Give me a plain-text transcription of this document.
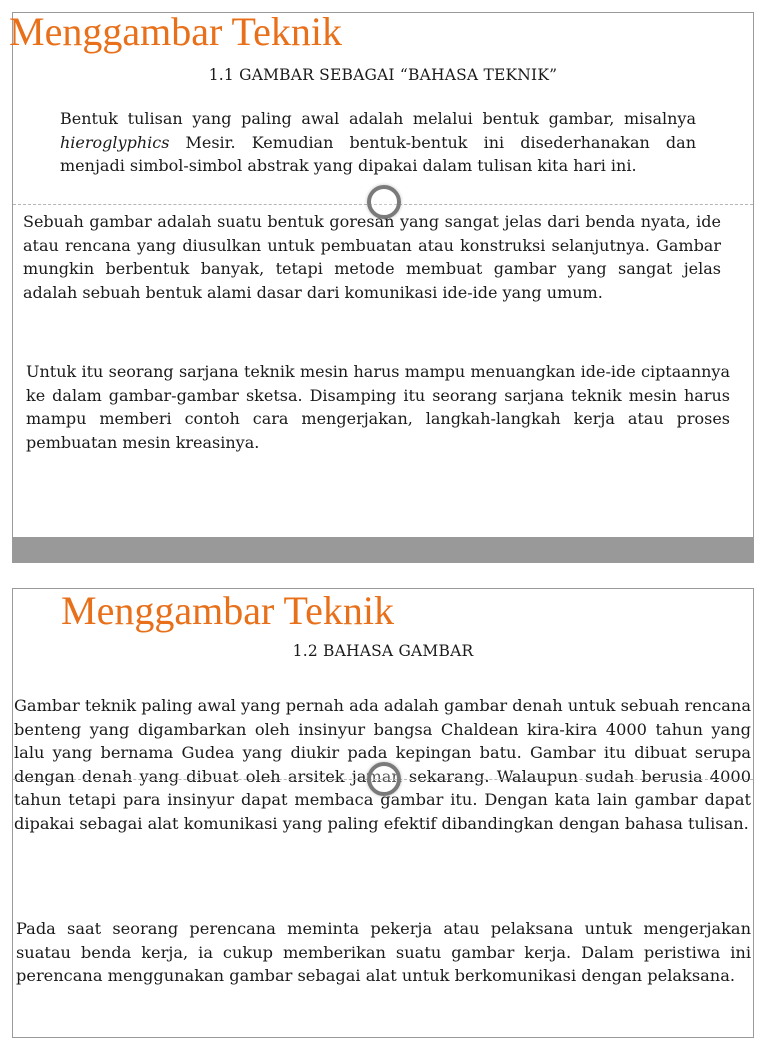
1.1 GAMBAR SEBAGAI “BAHASA TEKNIK”
Bentuk tulisan yang paling awal adalah melalui bentuk gambar, misalnya hieroglyphics Mesir. Kemudian bentuk-bentuk ini disederhanakan dan menjadi simbol-simbol abstrak yang dipakai dalam tulisan kita hari ini.
Sebuah gambar adalah suatu bentuk goresan yang sangat jelas dari benda nyata, ide atau rencana yang diusulkan untuk pembuatan atau konstruksi selanjutnya. Gambar mungkin berbentuk banyak, tetapi metode membuat gambar yang sangat jelas adalah sebuah bentuk alami dasar dari komunikasi ide-ide yang umum.
Untuk itu seorang sarjana teknik mesin harus mampu menuangkan ide-ide ciptaannya ke dalam gambar-gambar sketsa. Disamping itu seorang sarjana teknik mesin harus mampu memberi contoh cara mengerjakan, langkah-langkah kerja atau proses pembuatan mesin kreasinya.
Menggambar Teknik
Menggambar Teknik
1.2 BAHASA GAMBAR
Gambar teknik paling awal yang pernah ada adalah gambar denah untuk sebuah rencana benteng yang digambarkan oleh insinyur bangsa Chaldean kira-kira 4000 tahun yang lalu yang bernama Gudea yang diukir pada kepingan batu. Gambar itu dibuat serupa dengan denah yang dibuat oleh arsitek jaman sekarang. Walaupun sudah berusia 4000 tahun tetapi para insinyur dapat membaca gambar itu. Dengan kata lain gambar dapat dipakai sebagai alat komunikasi yang paling efektif dibandingkan dengan bahasa tulisan.
Pada saat seorang perencana meminta pekerja atau pelaksana untuk mengerjakan suatau benda kerja, ia cukup memberikan suatu gambar kerja. Dalam peristiwa ini perencana menggunakan gambar sebagai alat untuk berkomunikasi dengan pelaksana.
